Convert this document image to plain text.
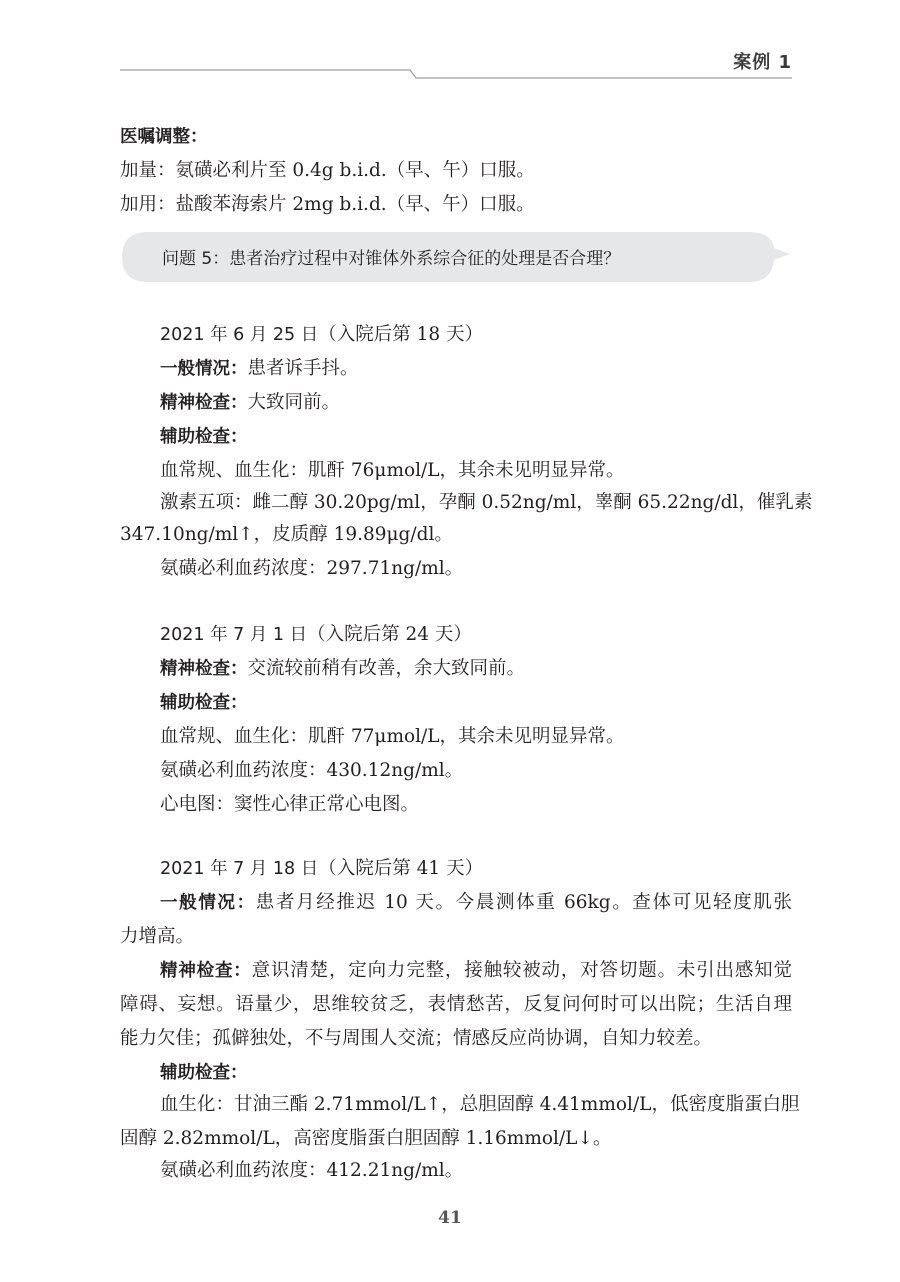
案例 1
医嘱调整：
加量：氨磺必利片至 0.4g b.i.d.（早、午）口服。
加用：盐酸苯海索片 2mg b.i.d.（早、午）口服。
2021 年 6 月 25 日（入院后第 18 天）
一般情况：患者诉手抖。
精神检查：大致同前。
辅助检查：
血常规、血生化：肌酐 76μmol/L，其余未见明显异常。
激素五项：雌二醇 30.20pg/ml，孕酮 0.52ng/ml，睾酮 65.22ng/dl，催乳素
347.10ng/ml↑，皮质醇 19.89μg/dl。
氨磺必利血药浓度：297.71ng/ml。
2021 年 7 月 1 日（入院后第 24 天）
精神检查：交流较前稍有改善，余大致同前。
辅助检查：
血常规、血生化：肌酐 77μmol/L，其余未见明显异常。
氨磺必利血药浓度：430.12ng/ml。
心电图：窦性心律正常心电图。
2021 年 7 月 18 日（入院后第 41 天）
一般情况：患者月经推迟 10 天。今晨测体重 66kg。查体可见轻度肌张
力增高。
精神检查：意识清楚，定向力完整，接触较被动，对答切题。未引出感知觉
障碍、妄想。语量少，思维较贫乏，表情愁苦，反复问何时可以出院；生活自理
能力欠佳；孤僻独处，不与周围人交流；情感反应尚协调，自知力较差。
辅助检查：
血生化：甘油三酯 2.71mmol/L↑，总胆固醇 4.41mmol/L，低密度脂蛋白胆
固醇 2.82mmol/L，高密度脂蛋白胆固醇 1.16mmol/L↓。
氨磺必利血药浓度：412.21ng/ml。
问题 5：患者治疗过程中对锥体外系综合征的处理是否合理？
41
